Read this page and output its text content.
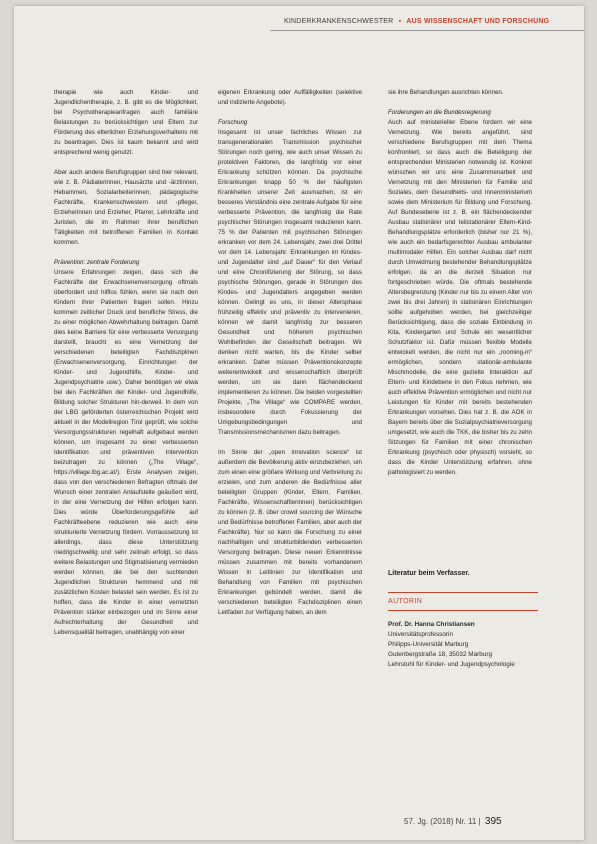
KINDERKRANKENSCHWESTER ▪ AUS WISSENSCHAFT UND FORSCHUNG

therapie wie auch Kinder- und Jugendlichentherapie, z. B. gibt es die Möglichkeit, bei Psychotherapieanfragen auch familiäre Belastungen zu berücksichtigen und Eltern zur Förderung des elterlichen Erziehungsverhaltens mit zu beantragen. Dies ist kaum bekannt und wird entsprechend wenig genutzt.

Aber auch andere Berufsgruppen sind hier relevant, wie z. B. Pädiaterinnen, Hausärzte und -ärztinnen, Hebammen, Sozialarbeiterinnen, pädagogische Fachkräfte, Krankenschwestern und -pfleger, Erzieherinnen und Erzieher, Pfarrer, Lehrkräfte und Juristen, die im Rahmen ihrer beruflichen Tätigkeiten mit betroffenen Familien in Kontakt kommen.

Prävention: zentrale Forderung

Unsere Erfahrungen zeigen, dass sich die Fachkräfte der Erwachsenenversorgung oftmals überfordert und hilflos fühlen, wenn sie nach den Kindern ihrer Patienten fragen sollen. Hinzu kommen zeitlicher Druck und berufliche Stress, die zu einer möglichen Abwehrhaltung beitragen. Damit dies keine Barriere für eine verbesserte Versorgung darstellt, braucht es eine Vernetzung der verschiedenen beteiligten Fachdisziplinen (Erwachsenenversorgung, Einrichtungen der Kinder- und Jugendhilfe, Kinder- und Jugendpsychiatrie usw.). Daher benötigen wir etwa bei den Fachkräften der Kinder- und Jugendhilfe, Bildung solcher Strukturen hin-derweil. In dem von der LBG geförderten österreichischen Projekt wird aktuell in der Modellregion Tirol geprüft, wie solche Versorgungsstrukturen regelhaft aufgebaut werden können, um insgesamt zu einer verbesserten Identifikation und präventiven Intervention beizutragen zu können („The Village“, https://village.lbg.ac.at/). Erste Analysen zeigen, dass von den verschiedenen Befragten oftmals der Wunsch einer zentralen Anlaufstelle geäußert wird, in der eine Vernetzung der Hilfen erfolgen kann. Dies würde Überforderungsgefühle auf Fachkräfteebene reduzieren wie auch eine strukturierte Vernetzung fördern. Vorraussetzung ist allerdings, dass diese Unterstützung niedrigschwellig und sehr zeitnah erfolgt, so dass weitere Belastungen und Stigmatisierung vermieden werden können, die bei den suchtenden Jugendlichen Strukturen hemmend und mit zusätzlichen Kosten belastet sein werden. Es ist zu hoffen, dass die Kinder in einer vernetzten Prävention stärker einbezogen und im Sinne einer Aufrechterhaltung der Gesundheit und Lebensqualität beitragen, unabhängig von einer

eigenen Erkrankung oder Auffälligkeiten (selektive und indizierte Angebote).

Forschung

Insgesamt ist unser fachliches Wissen zur transgenerationalen Transmission psychischer Störungen noch gering, wie auch unser Wissen zu protektiven Faktoren, die langfristig vor einer Erkrankung schützen können. Da psychische Erkrankungen knapp 50 % der häufigsten Krankheiten unserer Zeit ausmachen, ist ein besseres Verständnis eine zentrale Aufgabe für eine verbesserte Prävention, die langfristig die Rate psychischer Störungen insgesamt reduzieren kann. 75 % der Patienten mit psychischen Störungen erkranken vor dem 24. Lebensjahr, zwei drei Drittel vor dem 14. Lebensjahr. Erkrankungen im Kindes- und Jugendalter sind „auf Dauer“ für den Verlauf und eine Chronifizierung der Störung, so dass psychische Störungen, gerade in Störungen des Kindes- und Jugendalters angegeben werden können. Gelingt es uns, in dieser Altersphase frühzeitig effektiv und präventiv zu intervenieren, können wir damit langfristig zur besseren Gesundheit und höherem psychischen Wohlbefinden der Gesellschaft beitragen. Wir denken nicht warten, bis die Kinder selber erkranken. Daher müssen Präventionskonzepte weiterentwickelt und wissenschaftlich überprüft werden, um sie dann flächendeckend implementieren zu können. Die beiden vorgestellten Projekte, „The Village“ wie COMPARE werden, insbesondere durch Fokussierung der Umgebungsbedingungen und Transmissionsmechanismen dazu beitragen.

Im Sinne der „open innovation science“ ist außerdem die Bevölkerung aktiv einzubeziehen, um zum einen eine größere Wirkung und Verbreitung zu erzielen, und zum anderen die Bedürfnisse aller beteiligten Gruppen (Kinder, Eltern, Familien, Fachkräfte, Wissenschaftlerinnen) berücksichtigen zu können (z. B. über crowd sourcing der Wünsche und Bedürfnisse betroffener Familien, aber auch der Fachkräfte). Nur so kann die Forschung zu einer nachhaltigen und strukturbildenden verbesserten Versorgung beitragen. Diese neuen Erkenntnisse müssen zusammen mit bereits vorhandenem Wissen in Leitlinien zur Identifikation und Behandlung von Familien mit psychischen Erkrankungen gebündelt werden, damit die verschiedenen beteiligten Fachdisziplinen einen Leitfaden zur Verfügung haben, an dem

sie ihre Behandlungen ausrichten können.

Forderungen an die Bundesregierung

Auch auf ministerieller Ebene fordern wir eine Vernetzung. Wie bereits angeführt, sind verschiedene Berufsgruppen mit dem Thema konfrontiert, so dass auch die Beteiligung der entsprechenden Ministerien notwendig ist. Konkret wünschen wir uns eine Zusammenarbeit und Vernetzung mit den Ministerien für Familie und Soziales, dem Gesundheits- und Innenministerium sowie dem Ministerium für Bildung und Forschung. Auf Bundesebene ist z. B. ein flächendeckender Ausbau stationärer und teilstationärer Eltern-Kind-Behandlungsplätze erforderlich (bisher nur 21 %), wie auch ein bedarfsgerechter Ausbau ambulanter multimodaler Hilfen. Ein solcher Ausbau darf nicht durch Umwidmung bestehender Behandlungsplätze erfolgen, da an die derzeit Situation nur fortgeschrieben würde. Die oftmals bestehende Altersbegrenzung (Kinder nur bis zu einem Alter von zwei bis drei Jahren) in stationären Einrichtungen sollte aufgehoben werden, bei gleichzeitiger Berücksichtigung, dass die soziale Einbindung in Kita, Kindergarten und Schule ein wesentlicher Schutzfaktor ist. Dafür müssen flexible Modelle entwickelt werden, die nicht nur ein „rooming-in“ ermöglichen, sondern stationär-ambulante Mischmodelle, die eine gezielte Interaktion auf Eltern- und Kindebene in den Fokus nehmen, wie auch effektive Prävention ermöglichen und nicht nur Leistungen für Kinder mit bereits bestehenden Erkrankungen vorsehen. Dies hat z. B. die AOK in Bayern bereits über die Sozialpsychiatrieversorgung umgesetzt, wie auch die TKK, die bisher bis zu zehn Sitzungen für Familien mit einer chronischen Erkrankung (psychisch oder physisch) vorsieht, so dass die Kinder Unterstützung erfahren, ohne pathologisiert zu werden.

Literatur beim Verfasser.
AUTORIN
Prof. Dr. Hanna Christiansen
Universitätsprofessorin
Philipps-Universität Marburg
Gutenbergstraße 18, 35032 Marburg
Lehrstuhl für Kinder- und Jugendpsychologie
57. Jg. (2018) Nr. 11 | 395
